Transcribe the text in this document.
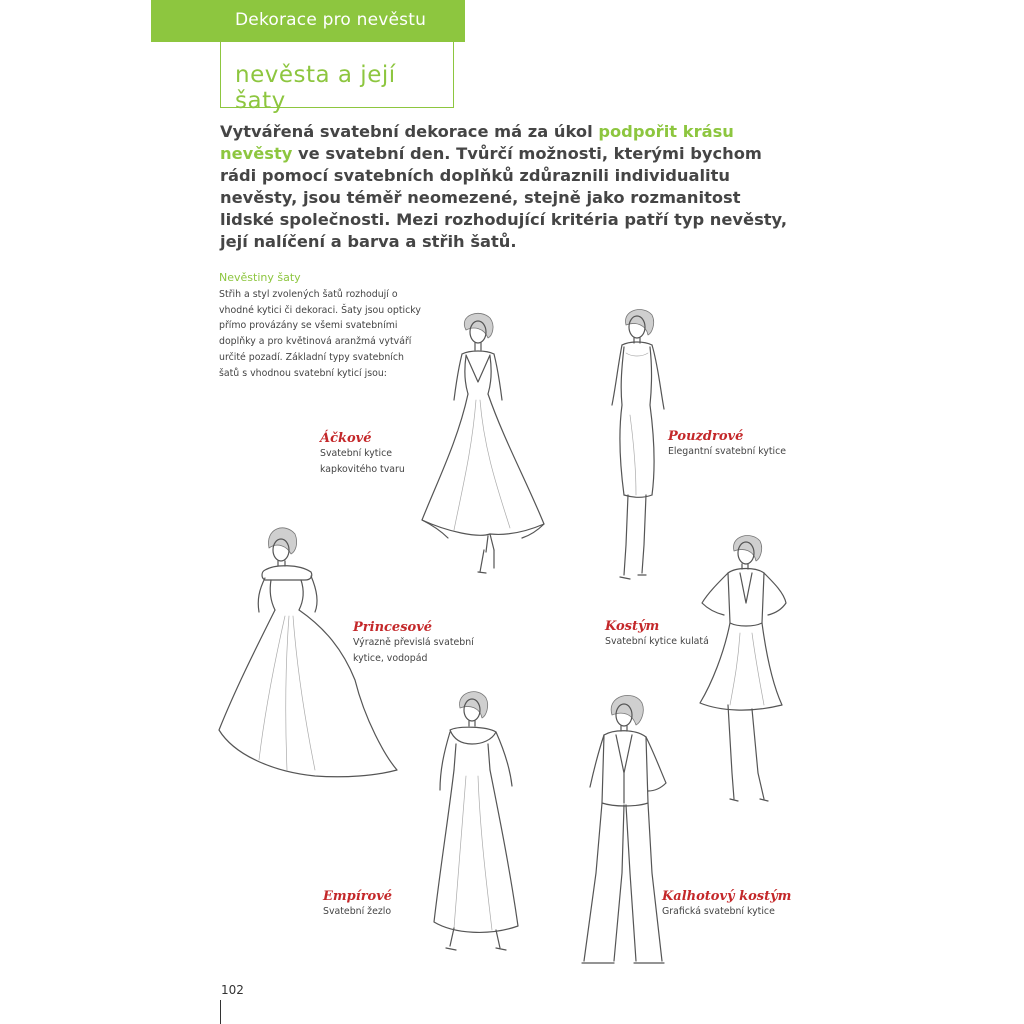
Dekorace pro nevěstu
nevěsta a její šaty

Vytvářená svatební dekorace má za úkol podpořit krásu nevěsty ve svatební den. Tvůrčí možnosti, kterými bychom rádi pomocí svatebních doplňků zdůraznili individualitu nevěsty, jsou téměř neomezené, stejně jako rozmanitost lidské společnosti. Mezi rozhodující kritéria patří typ nevěsty, její nalíčení a barva a střih šatů.

Nevěstiny šaty
Střih a styl zvolených šatů rozhodují o vhodné kytici či dekoraci. Šaty jsou opticky přímo provázány se všemi svatebními doplňky a pro květinová aranžmá vytváří určité pozadí. Základní typy svatebních šatů s vhodnou svatební kyticí jsou:
Áčkové
Svatební kytice kapkovitého tvaru
Pouzdrové
Elegantní svatební kytice
Princesové
Výrazně převislá svatební kytice, vodopád
Kostým
Svatební kytice kulatá
Empírové
Svatební žezlo
Kalhotový kostým
Grafická svatební kytice
102
